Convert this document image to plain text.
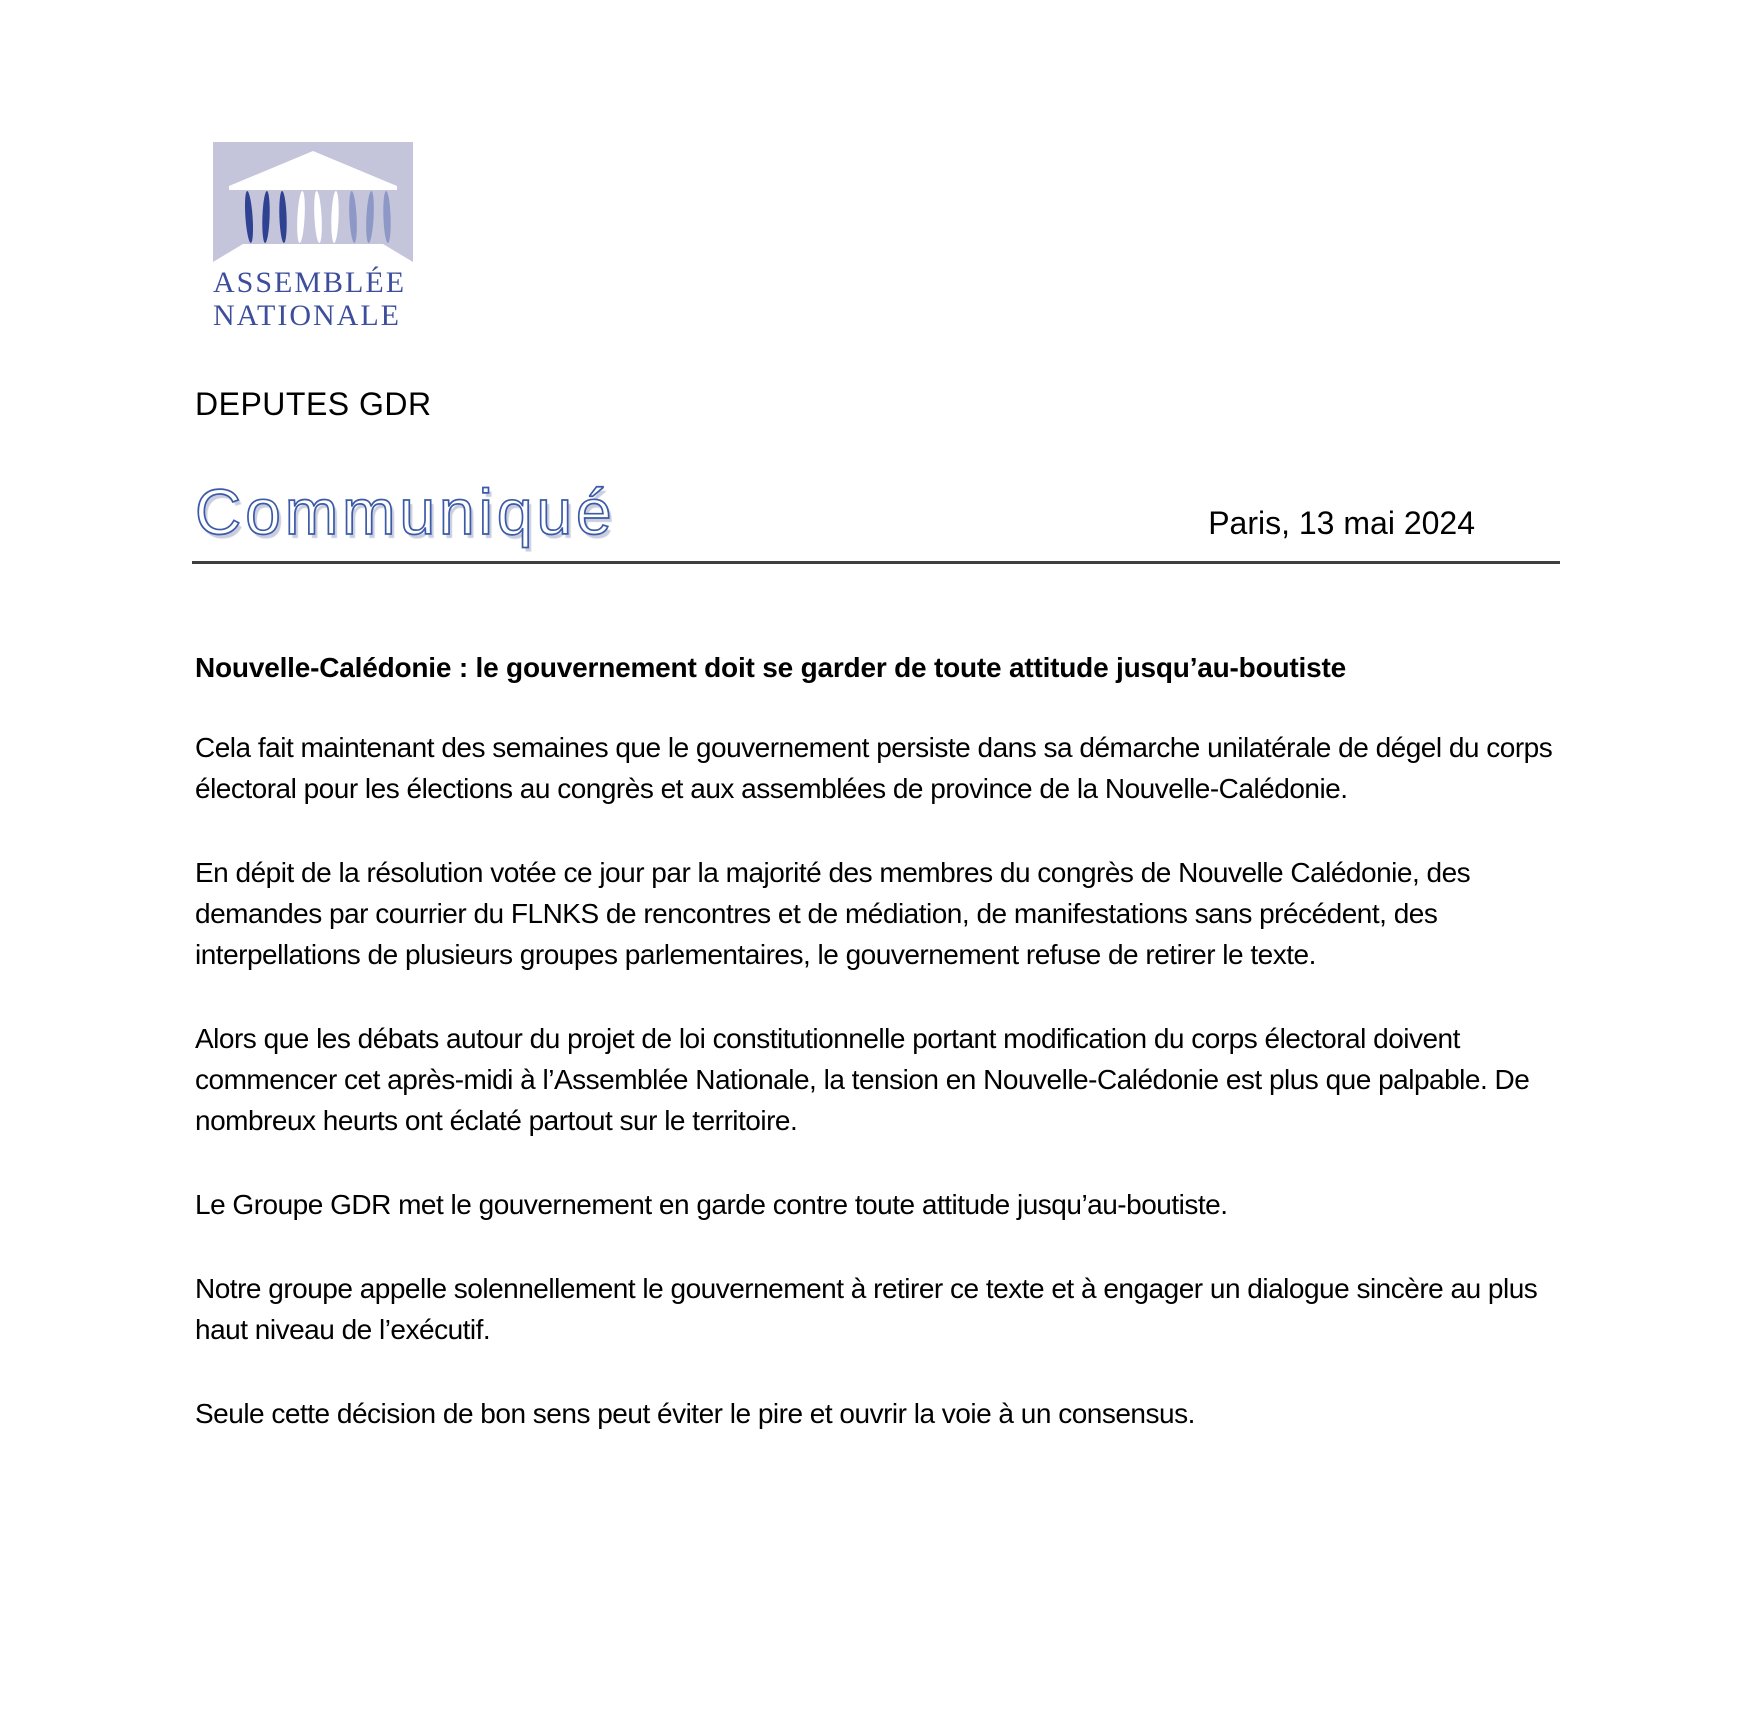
ASSEMBLÉE
NATIONALE
DEPUTES GDR
Communiqué	Paris, 13 mai 2024
Nouvelle-Calédonie : le gouvernement doit se garder de toute attitude jusqu’au-boutiste

Cela fait maintenant des semaines que le gouvernement persiste dans sa démarche unilatérale de dégel du corps électoral pour les élections au congrès et aux assemblées de province de la Nouvelle-Calédonie.

En dépit de la résolution votée ce jour par la majorité des membres du congrès de Nouvelle Calédonie, des demandes par courrier du FLNKS de rencontres et de médiation, de manifestations sans précédent, des interpellations de plusieurs groupes parlementaires, le gouvernement refuse de retirer le texte.

Alors que les débats autour du projet de loi constitutionnelle portant modification du corps électoral doivent commencer cet après-midi à l’Assemblée Nationale, la tension en Nouvelle-Calédonie est plus que palpable. De nombreux heurts ont éclaté partout sur le territoire.

Le Groupe GDR met le gouvernement en garde contre toute attitude jusqu’au-boutiste.

Notre groupe appelle solennellement le gouvernement à retirer ce texte et à engager un dialogue sincère au plus haut niveau de l’exécutif.

Seule cette décision de bon sens peut éviter le pire et ouvrir la voie à un consensus.
